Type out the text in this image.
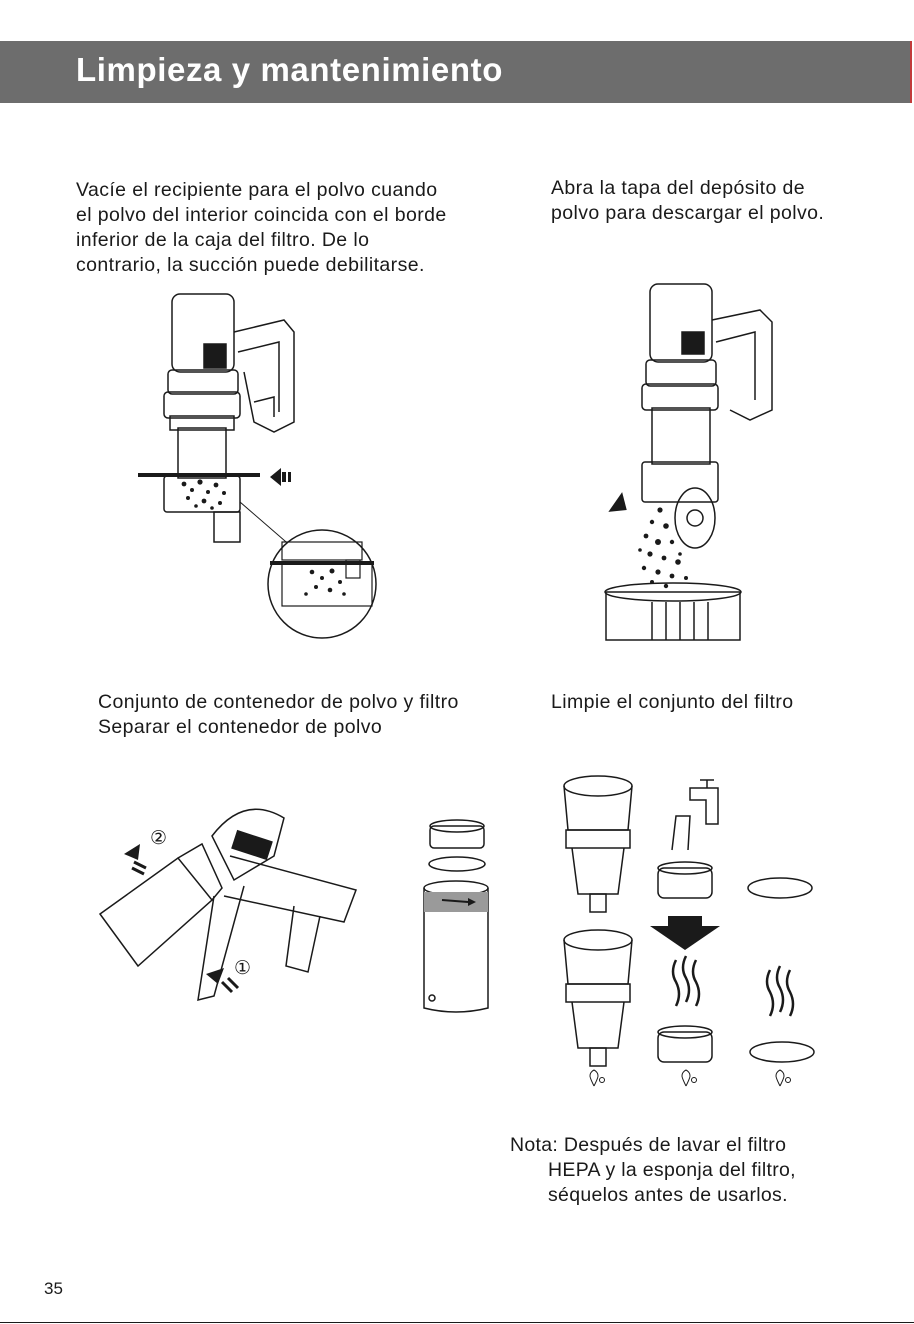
Limpieza y mantenimiento
Vacíe el recipiente para el polvo cuando
el polvo del interior coincida con el borde
inferior de la caja del filtro. De lo
contrario, la succión puede debilitarse.
Abra la tapa del depósito de
polvo para descargar el polvo.
Conjunto de contenedor de polvo y filtro
Separar el contenedor de polvo
Limpie el conjunto del filtro
②
①
Nota: Después de lavar el filtro
HEPA y la esponja del filtro,
séquelos antes de usarlos.
35
